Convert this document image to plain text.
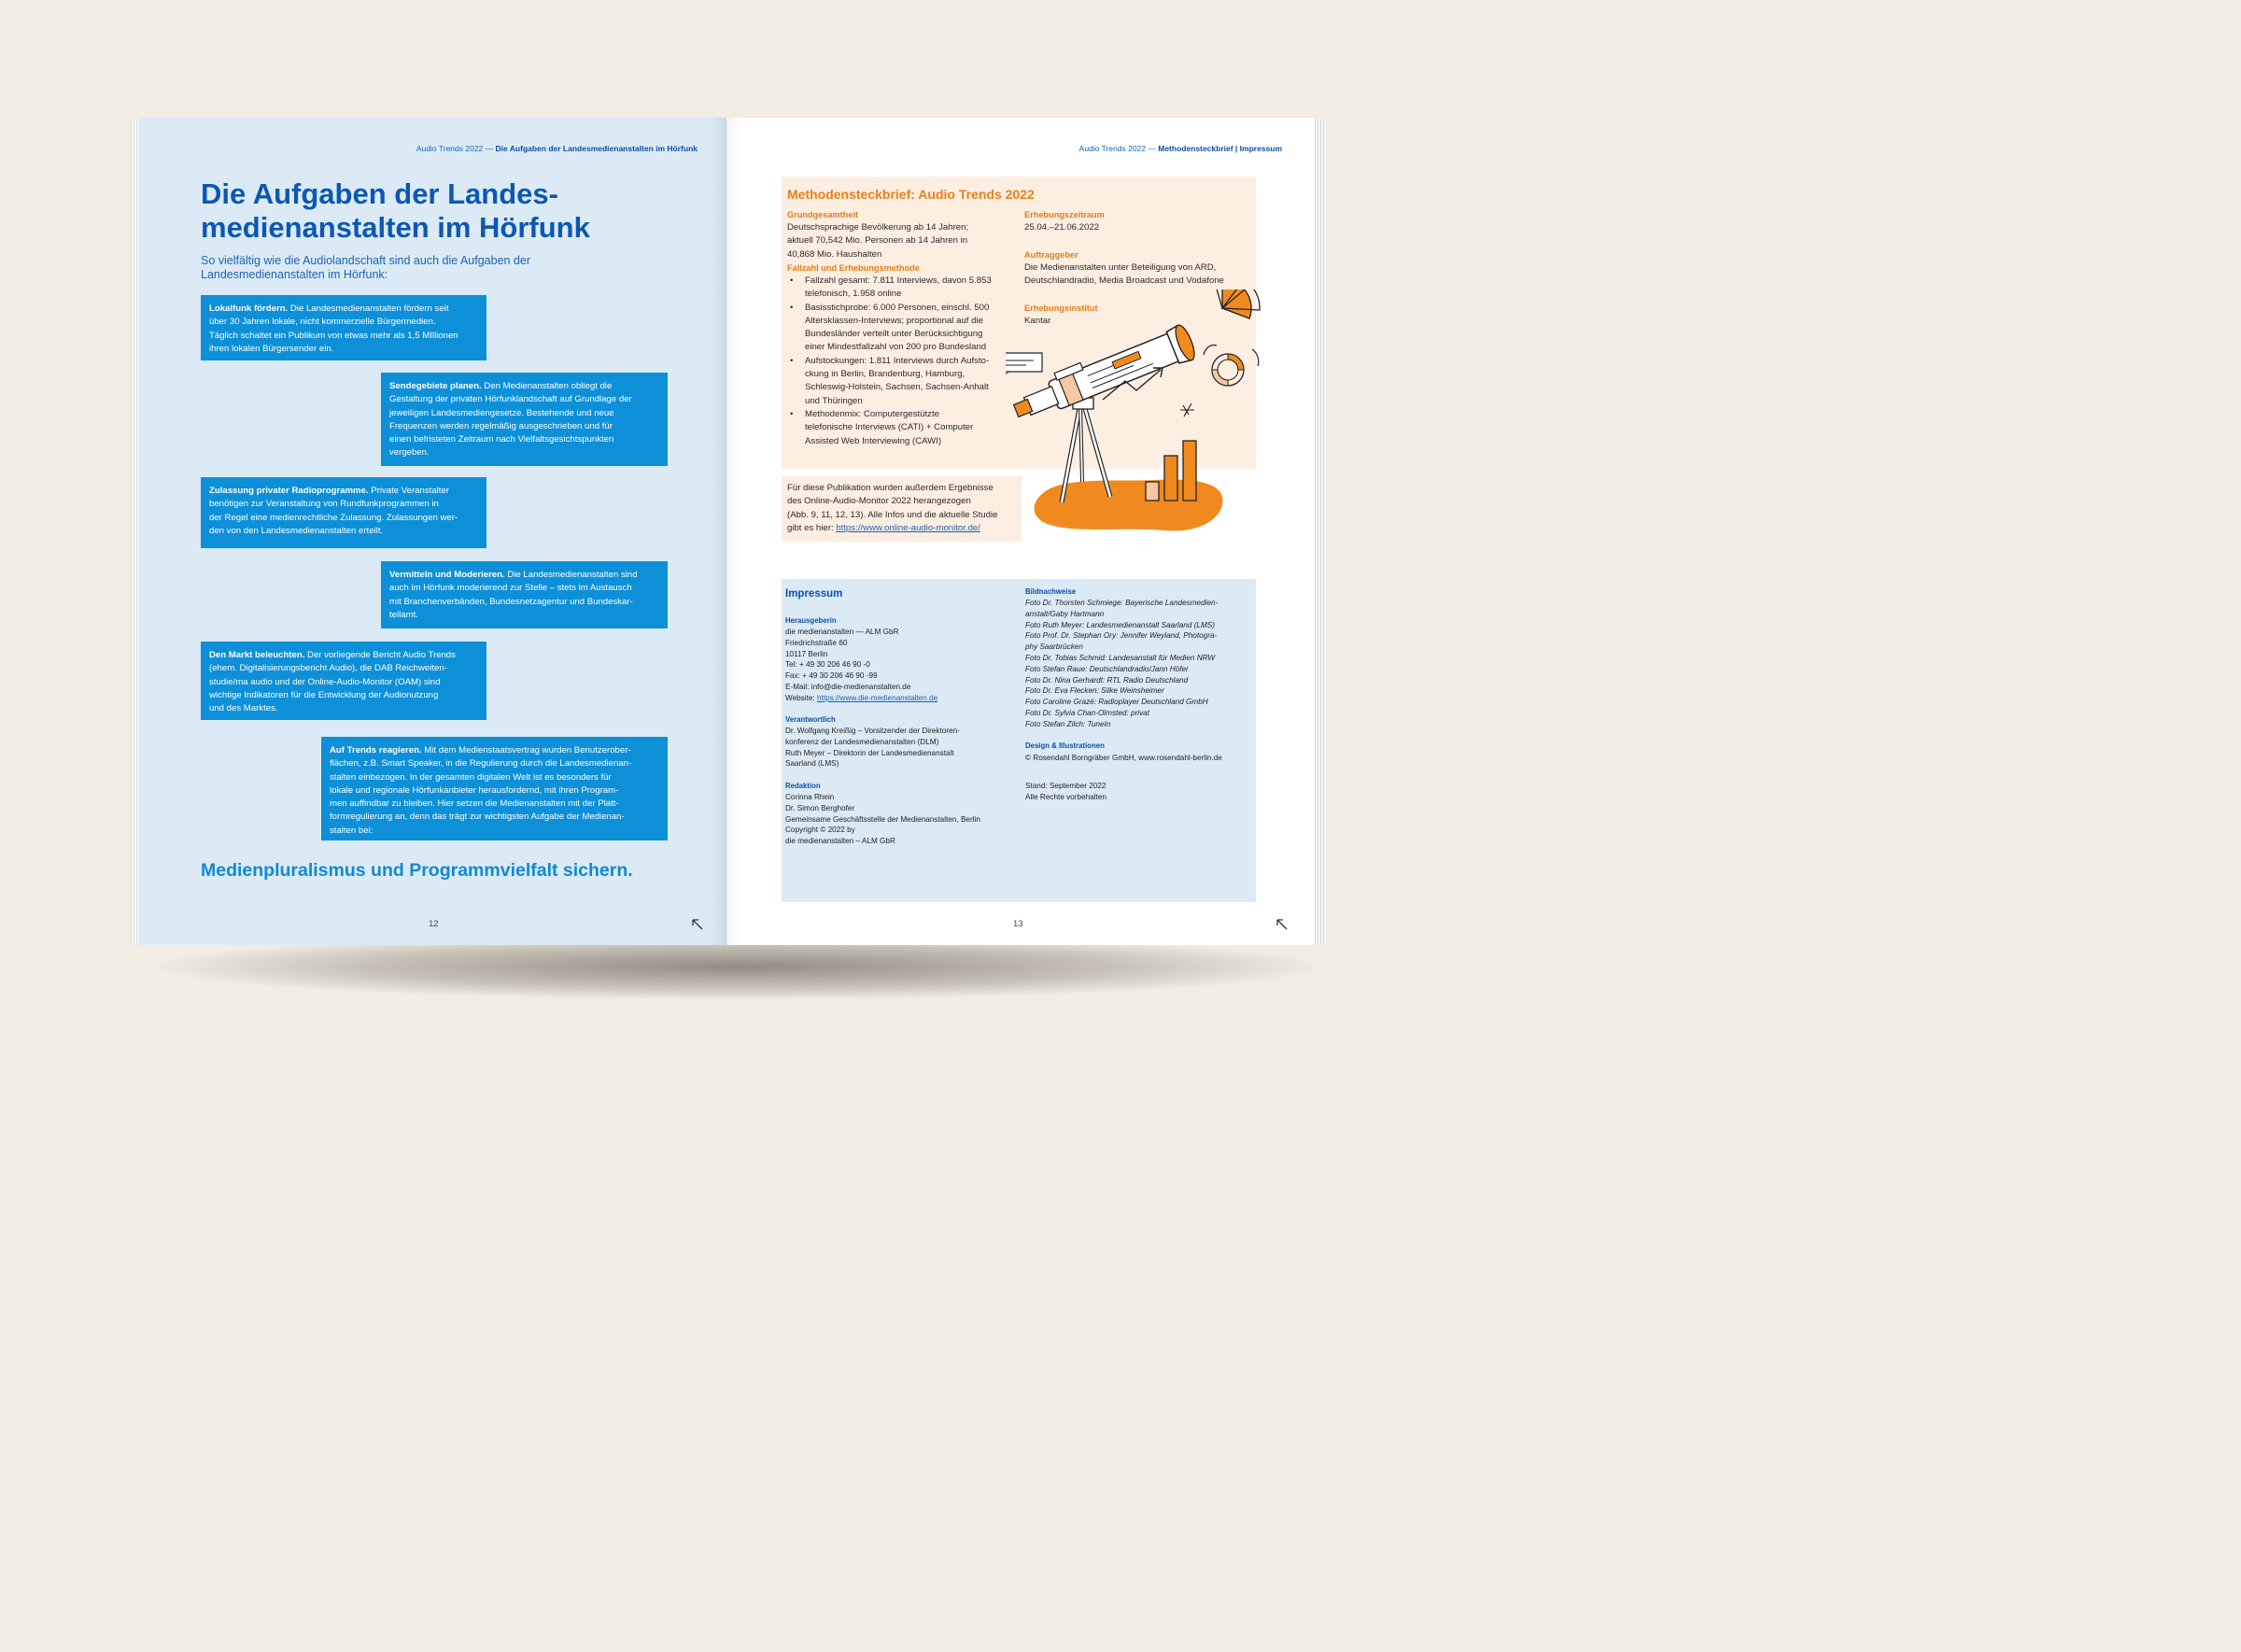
Audio Trends 2022 — Die Aufgaben der Landesmedienanstalten im Hörfunk
Die Aufgaben der Landes-
medienanstalten im Hörfunk

So vielfältig wie die Audiolandschaft sind auch die Aufgaben der Landesmedienanstalten im Hörfunk:

Lokalfunk fördern. Die Landesmedienanstalten fördern seit
über 30 Jahren lokale, nicht kommerzielle Bürgermedien.
Täglich schaltet ein Publikum von etwas mehr als 1,5 MIllionen
ihren lokalen Bürgersender ein.
Sendegebiete planen. Den Medienanstalten obliegt die
Gestaltung der privaten Hörfunklandschaft auf Grundlage der
jeweiligen Landesmediengesetze. Bestehende und neue
Frequenzen werden regelmäßig ausgeschrieben und für
einen befristeten Zeitraum nach Vielfaltsgesichtspunkten
vergeben.
Zulassung privater Radioprogramme. Private Veranstalter
benötigen zur Veranstaltung von Rundfunkprogrammen in
der Regel eine medienrechtliche Zulassung. Zulassungen wer-
den von den Landesmedienanstalten erteilt.
Vermitteln und Moderieren. Die Landesmedienanstalten sind
auch im Hörfunk moderierend zur Stelle – stets im Austausch
mit Branchenverbänden, Bundesnetzagentur und Bundeskar-
tellamt.
Den Markt beleuchten. Der vorliegende Bericht Audio Trends
(ehem. Digitalisierungsbericht Audio), die DAB Reichweiten-
studie/ma audio und der Online-Audio-Monitor (OAM) sind
wichtige Indikatoren für die Entwicklung der Audionutzung
und des Marktes.
Auf Trends reagieren. Mit dem Medienstaatsvertrag wurden Benutzerober-
flächen, z.B. Smart Speaker, in die Regulierung durch die Landesmedienan-
stalten einbezogen. In der gesamten digitalen Welt ist es besonders für
lokale und regionale Hörfunkanbieter herausfordernd, mit ihren Program-
men auffindbar zu bleiben. Hier setzen die Medienanstalten mit der Platt-
formregulierung an, denn das trägt zur wichtigsten Aufgabe der Medienan-
stalten bei:

Medienpluralismus und Programmvielfalt sichern.

12
Audio Trends 2022 — Methodensteckbrief | Impressum
Methodensteckbrief: Audio Trends 2022
Grundgesamtheit
Deutschsprachige Bevölkerung ab 14 Jahren;
aktuell 70,542 Mio. Personen ab 14 Jahren in
40,868 Mio. Haushalten
Fallzahl und Erhebungsmethode
• Fallzahl gesamt: 7.811 Interviews, davon 5.853
telefonisch, 1.958 online
• Basisstichprobe: 6.000 Personen, einschl. 500
Altersklassen-Interviews; proportional auf die
Bundesländer verteilt unter Berücksichtigung
einer Mindestfallzahl von 200 pro Bundesland
• Aufstockungen: 1.811 Interviews durch Aufsto-
ckung in Berlin, Brandenburg, Hamburg,
Schleswig-Holstein, Sachsen, Sachsen-Anhalt
und Thüringen
• Methodenmix: Computergestützte
telefonische Interviews (CATI) + Computer
Assisted Web Interviewing (CAWI)
Erhebungszeitraum
25.04.–21.06.2022
Auftraggeber
Die Medienanstalten unter Beteiligung von ARD,
Deutschlandradio, Media Broadcast und Vodafone
Erhebungsinstitut
Kantar
Für diese Publikation wurden außerdem Ergebnisse
des Online-Audio-Monitor 2022 herangezogen
(Abb. 9, 11, 12, 13). Alle Infos und die aktuelle Studie
gibt es hier: https://www.online-audio-monitor.de/
Impressum
Herausgeberin
die medienanstalten — ALM GbR
Friedrichstraße 60
10117 Berlin
Tel: + 49 30 206 46 90 -0
Fax: + 49 30 206 46 90 -99
E-Mail: info@die-medienanstalten.de
Website: https://www.die-medienanstalten.de
Verantwortlich
Dr. Wolfgang Kreißig – Vorsitzender der Direktoren-
konferenz der Landesmedienanstalten (DLM)
Ruth Meyer – Direktorin der Landesmedienanstalt
Saarland (LMS)
Redaktion
Corinna Rhein
Dr. Simon Berghofer
Gemeinsame Geschäftsstelle der Medienanstalten, Berlin
Copyright © 2022 by
die medienanstalten – ALM GbR
Bildnachweise
Foto Dr. Thorsten Schmiege: Bayerische Landesmedien-
anstalt/Gaby Hartmann
Foto Ruth Meyer: Landesmedienanstalt Saarland (LMS)
Foto Prof. Dr. Stephan Ory: Jennifer Weyland, Photogra-
phy Saarbrücken
Foto Dr. Tobias Schmid: Landesanstalt für Medien NRW
Foto Stefan Raue: Deutschlandradio/Jann Höfer
Foto Dr. Nina Gerhardt: RTL Radio Deutschland
Foto Dr. Eva Flecken: Silke Weinsheimer
Foto Caroline Grazé: Radioplayer Deutschland GmbH
Foto Dr. Sylvia Chan-Olmsted: privat
Foto Stefan Zilch: TuneIn
Design & Illustrationen
© Rosendahl Borngräber GmbH, www.rosendahl-berlin.de
Stand: September 2022
Alle Rechte vorbehalten
13
